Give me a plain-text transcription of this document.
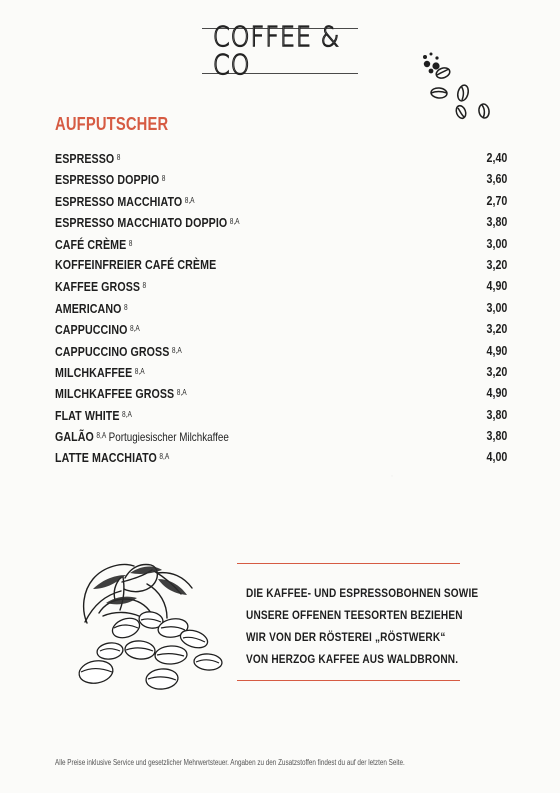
COFFEE & CO
AUFPUTSCHER
ESPRESSO $^8$	2,40
ESPRESSO DOPPIO $^8$	3,60
ESPRESSO MACCHIATO $^{8,A}$	2,70
ESPRESSO MACCHIATO DOPPIO $^{8,A}$	3,80
CAFÉ CRÈME $^8$	3,00
KOFFEINFREIER CAFÉ CRÈME	3,20
KAFFEE GROSS $^8$	4,90
AMERICANO $^8$	3,00
CAPPUCCINO $^{8,A}$	3,20
CAPPUCCINO GROSS $^{8,A}$	4,90
MILCHKAFFEE $^{8,A}$	3,20
MILCHKAFFEE GROSS $^{8,A}$	4,90
FLAT WHITE $^{8,A}$	3,80
GALÃO $^{8,A}$ Portugiesischer Milchkaffee	3,80
LATTE MACCHIATO $^{8,A}$	4,00
DIE KAFFEE- UND ESPRESSOBOHNEN SOWIE
UNSERE OFFENEN TEESORTEN BEZIEHEN
WIR VON DER RÖSTEREI „RÖSTWERK“
VON HERZOG KAFFEE AUS WALDBRONN.
Alle Preise inklusive Service und gesetzlicher Mehrwertsteuer. Angaben zu den Zusatzstoffen findest du auf der letzten Seite.
